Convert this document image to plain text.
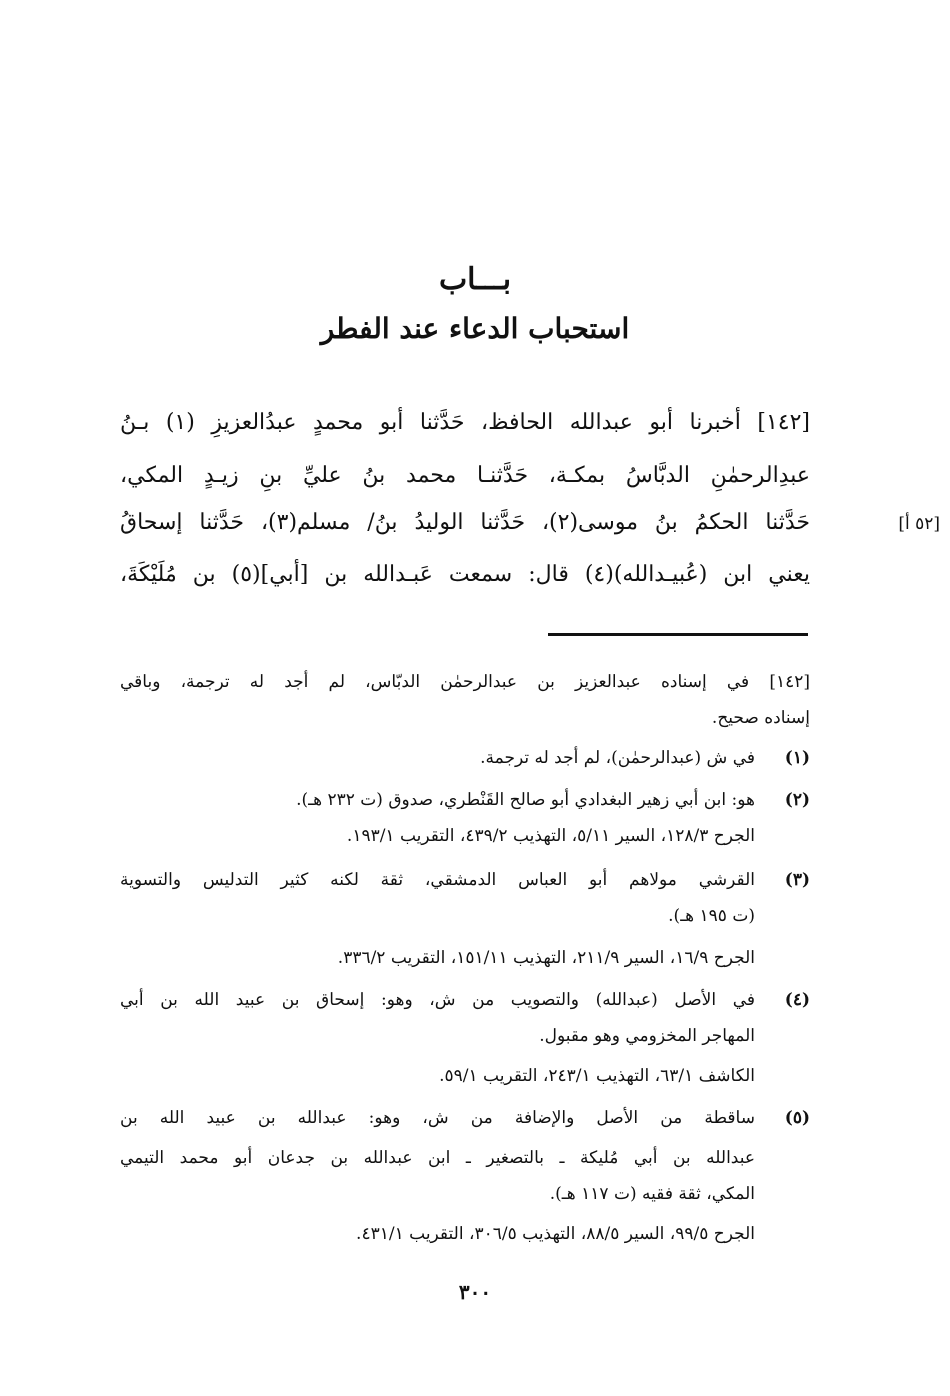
بـــاب
استحباب الدعاء عند الفطر
[١٤٢] أخبرنا أبو عبدالله الحافظ، حَدَّثنا أبو محمدٍ عبدُالعزيزِ (١) بـنُ
عبدِالرحمٰنِ الدبَّاسُ بمكـة، حَدَّثنـا محمد بنُ عليِّ بنِ زيـدٍ المكي،
حَدَّثنا الحكمُ بنُ موسى(٢)، حَدَّثنا الوليدُ بنُ/ مسلم(٣)، حَدَّثنا إسحاقُ
يعني ابن (عُبيـدالله)(٤) قال: سمعت عَبـدالله بن [أبي](٥) بن مُلَيْكَةَ،
[٥٢ أ]
[١٤٢] في إسناده عبدالعزيز بن عبدالرحمٰن الدبّاس، لم أجد له ترجمة، وباقي
إسناده صحيح.
(١)
في ش (عبدالرحمٰن)، لم أجد له ترجمة.
(٢)
هو: ابن أبي زهير البغدادي أبو صالح القَنْطري، صدوق (ت ٢٣٢ هـ).
الجرح ١٢٨/٣، السير ٥/١١، التهذيب ٤٣٩/٢، التقريب ١٩٣/١.
(٣)
القرشي مولاهم أبو العباس الدمشقي، ثقة لكنه كثير التدليس والتسوية
(ت ١٩٥ هـ).
الجرح ١٦/٩، السير ٢١١/٩، التهذيب ١٥١/١١، التقريب ٣٣٦/٢.
(٤)
في الأصل (عبدالله) والتصويب من ش، وهو: إسحاق بن عبيد الله بن أبي
المهاجر المخزومي وهو مقبول.
الكاشف ٦٣/١، التهذيب ٢٤٣/١، التقريب ٥٩/١.
(٥)
ساقطة من الأصل والإضافة من ش، وهو: عبدالله بن عبيد الله بن
عبدالله بن أبي مُليكة ـ بالتصغير ـ ابن عبدالله بن جدعان أبو محمد التيمي
المكي، ثقة فقيه (ت ١١٧ هـ).
الجرح ٩٩/٥، السير ٨٨/٥، التهذيب ٣٠٦/٥، التقريب ٤٣١/١.
٣٠٠
